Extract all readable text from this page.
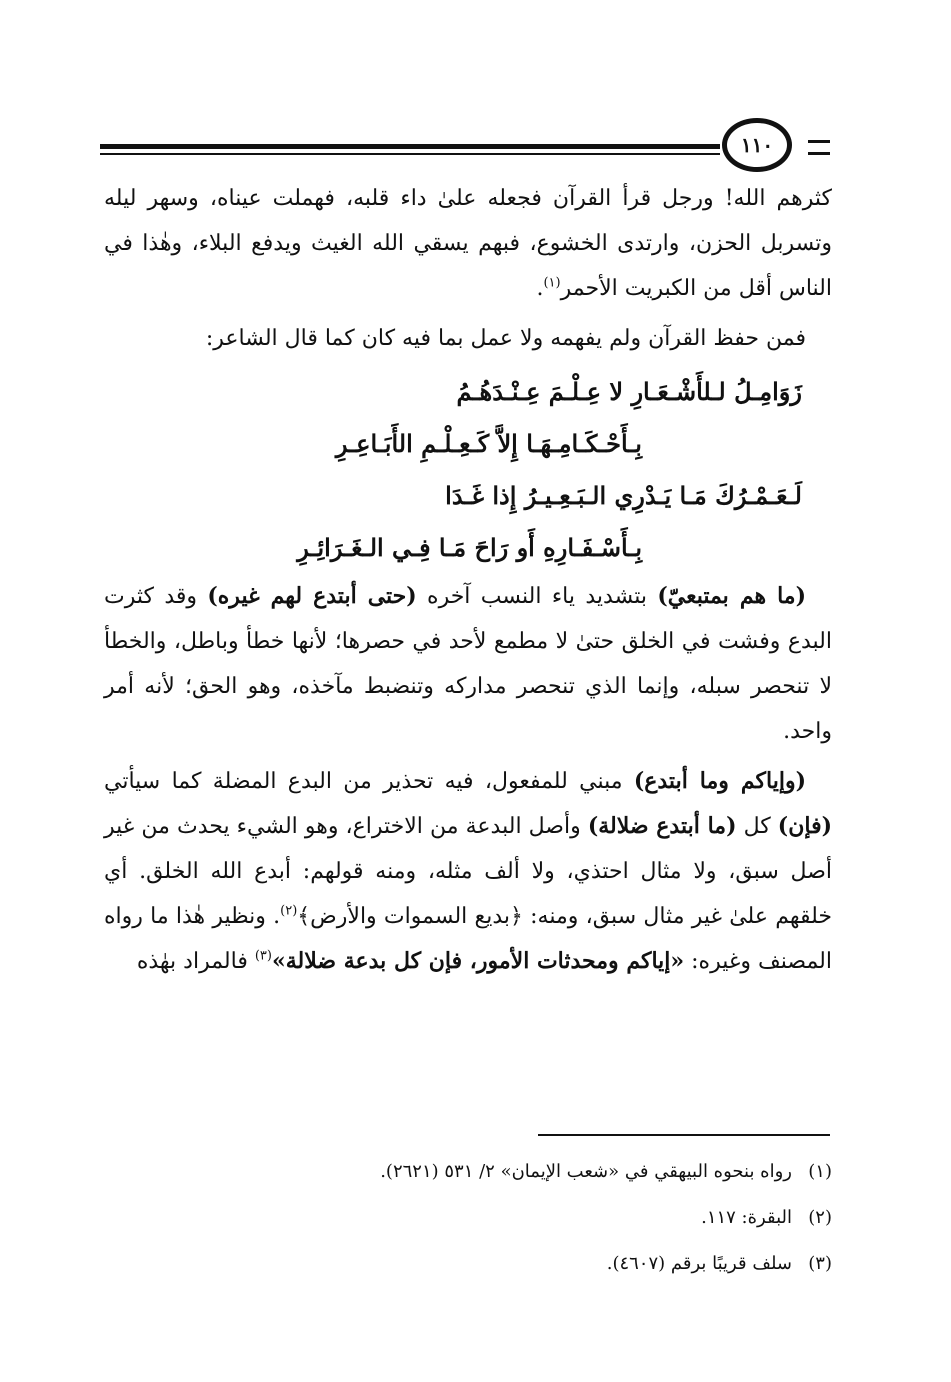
١١٠

كثرهم الله! ورجل قرأ القرآن فجعله علىٰ داء قلبه، فهملت عيناه، وسهر ليله وتسربل الحزن، وارتدى الخشوع، فبهم يسقي الله الغيث ويدفع البلاء، وهٰذا في الناس أقل من الكبريت الأحمر$^{(١)}$.

فمن حفظ القرآن ولم يفهمه ولا عمل بما فيه كان كما قال الشاعر:

زَوَامِـلُ لـلأَشْـعَـارِ لا عِـلْـمَ عِـنْـدَهُـمُ

بِـأَحْـكَـامِـهَـا إِلاَّ كَـعِـلْـمِ الأَبَـاعِـرِ

لَـعَـمْـرُكَ مَـا يَـدْرِي الـبَـعِـيـرُ إِذا غَـدَا

بِـأَسْـفَـارِهِ أَو رَاحَ مَـا فِـي الـغَـرَائِـرِ

(ما هم بمتبعيّ) بتشديد ياء النسب آخره (حتى أبتدع لهم غيره) وقد كثرت البدع وفشت في الخلق حتىٰ لا مطمع لأحد في حصرها؛ لأنها خطأ وباطل، والخطأ لا تنحصر سبله، وإنما الذي تنحصر مداركه وتنضبط مآخذه، وهو الحق؛ لأنه أمر واحد.

(وإياكم وما أبتدع) مبني للمفعول، فيه تحذير من البدع المضلة كما سيأتي (فإن) كل (ما أبتدع ضلالة) وأصل البدعة من الاختراع، وهو الشيء يحدث من غير أصل سبق، ولا مثال احتذي، ولا ألف مثله، ومنه قولهم: أبدع الله الخلق. أي خلقهم علىٰ غير مثال سبق، ومنه: ﴿بديع السموات والأرض﴾$^{(٢)}$. ونظير هٰذا ما رواه المصنف وغيره: «إياكم ومحدثات الأمور، فإن كل بدعة ضلالة»$^{(٣)}$ فالمراد بهٰذه

(١)رواه بنحوه البيهقي في «شعب الإيمان» ٢/ ٥٣١ (٢٦٢١).
(٢)البقرة: ١١٧.
(٣)سلف قريبًا برقم (٤٦٠٧).
